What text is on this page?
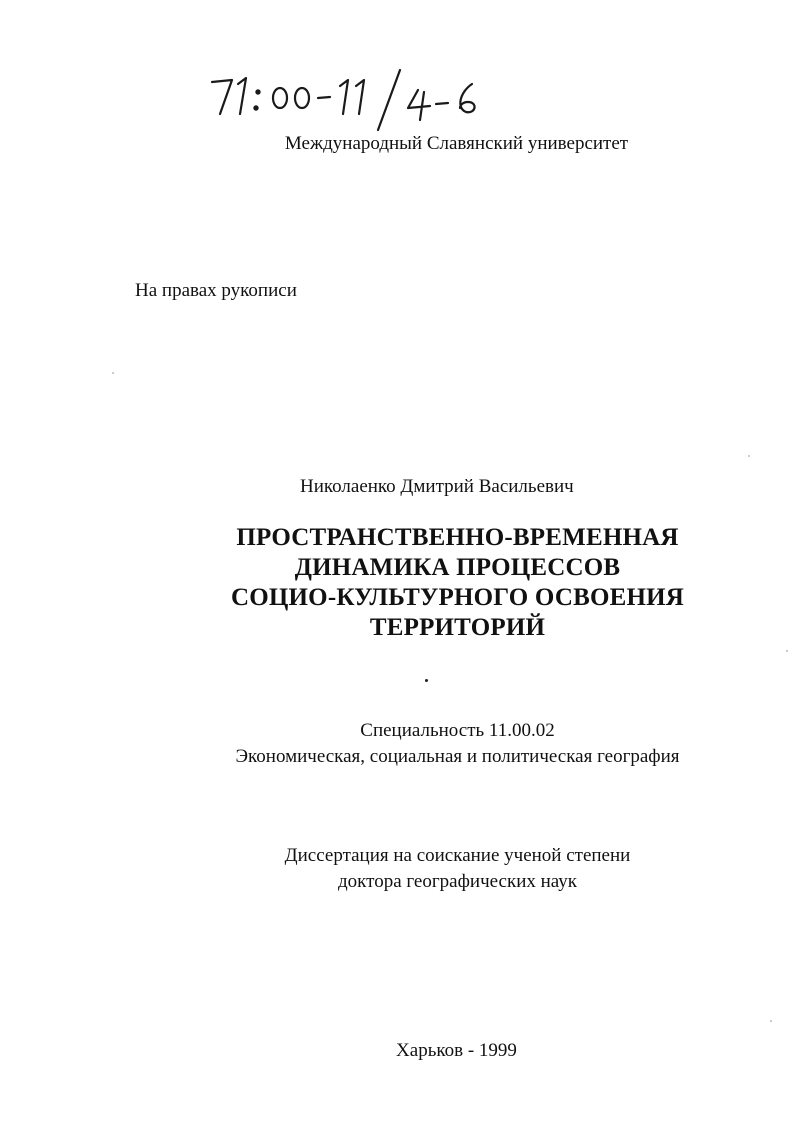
Международный Славянский университет
На правах рукописи
Николаенко Дмитрий Васильевич
ПРОСТРАНСТВЕННО-ВРЕМЕННАЯ
ДИНАМИКА ПРОЦЕССОВ
СОЦИО-КУЛЬТУРНОГО ОСВОЕНИЯ
ТЕРРИТОРИЙ
Специальность 11.00.02
Экономическая, социальная и политическая география
Диссертация на соискание ученой степени
доктора географических наук
Харьков - 1999
